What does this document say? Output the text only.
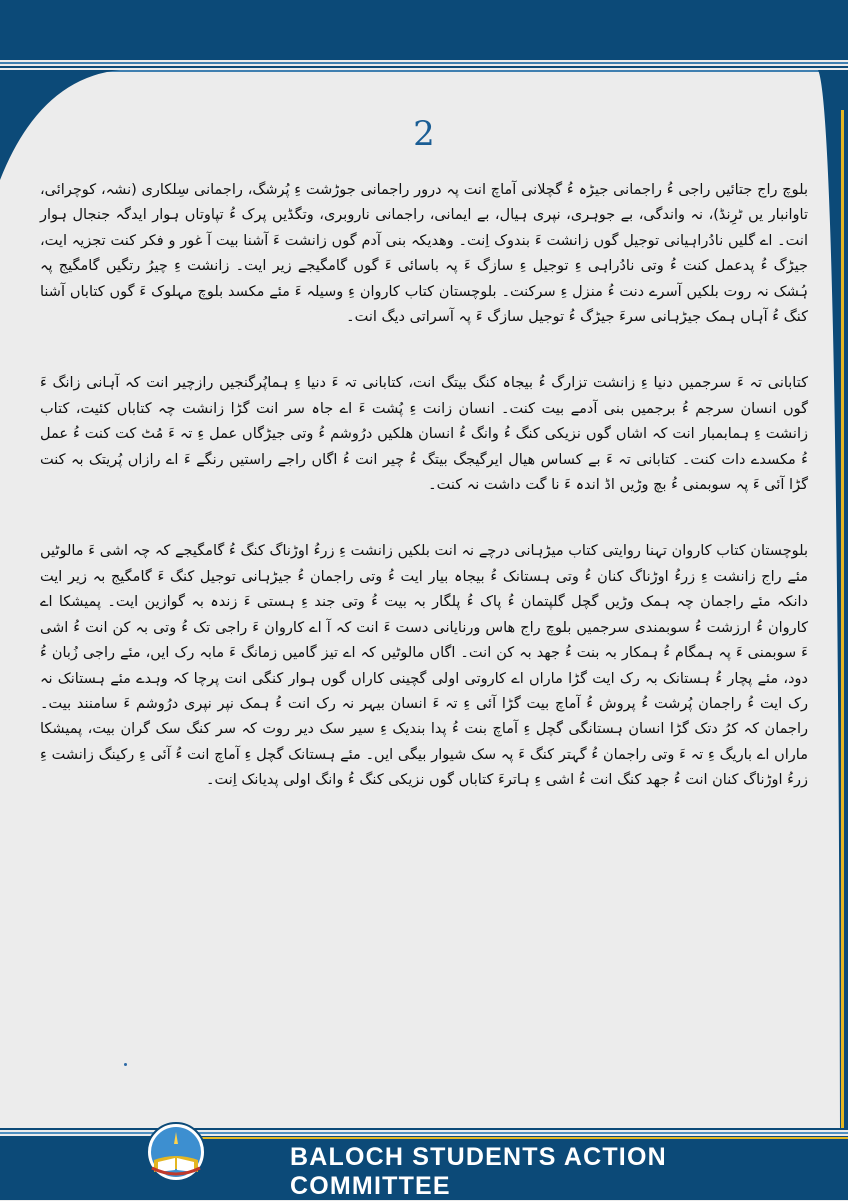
2

بلوچ راج جتائیں راجی ءُ راجمانی جیڑہ ءُ گچلانی آماچ انت پہ درور راجمانی جوڑشت ءِ پُرشگ، راجمانی سِلکاری (نشہ، کوچرائی، تاوانبار یں ٹرِنڈ)، نہ واندگی، بے جوہری، نپری ہیال، بے ایمانی، راجمانی ناروبری، وتگڈیں پرک ءُ تپاوتاں ہوار ایدگہ جنجال ہوار انت۔ اے گلیں نادُراہیانی توجیل گوں زانشت ءَ بندوک اِنت۔ وھدیکہ بنی آدم گوں زانشت ءَ آشنا بیت آ غور و فکر کنت تجزیہ ایت، جیڑگ ءُ پدعمل کنت ءُ وتی نادُراہی ءِ توجیل ءِ سازگ ءَ پہ باسائی ءَ گوں گامگیجے زیر ایت۔ زانشت ءِ چیرُ رتگیں گامگیج پہ ہُشک نہ روت بلکیں آسرے دنت ءُ منزل ءِ سرکنت۔ بلوچستان کتاب کاروان ءِ وسیلہ ءَ مئے مکسد بلوچ مہلوک ءَ گوں کتاباں آشنا کنگ ءُ آہاں ہمک جیڑہانی سرءَ جیڑگ ءُ توجیل سازگ ءَ پہ آسراتی دیگ انت۔

کتابانی تہ ءَ سرجمیں دنیا ءِ زانشت تزارگ ءُ بیجاہ کنگ بیتگ انت، کتابانی تہ ءَ دنیا ءِ ہماپُرگنجیں رازچیر انت کہ آہانی زانگ ءَ گوں انسان سرجم ءُ برجمیں بنی آدمے بیت کنت۔ انسان زانت ءِ پُشت ءَ اے جاہ سر انت گڑا زانشت چہ کتاباں کئیت، کتاب زانشت ءِ ہمابمبار انت کہ اشاں گوں نزیکی کنگ ءُ وانگ ءُ انسان ھلکیں درُوشم ءُ وتی جیڑگاں عمل ءِ تہ ءَ مُٹ کت کنت ءُ عمل ءُ مکسدے دات کنت۔ کتابانی تہ ءَ بے کساس ھیال ایرگیجگ بیتگ ءُ چیر انت ءُ اگاں راجے راستیں رنگے ءَ اے رازاں پُریتک بہ کنت گڑا آئی ءَ پہ سوبمنی ءُ بچ وڑیں اڈ اندہ ءَ نا گت داشت نہ کنت۔

بلوچستان کتاب کاروان تہنا روایتی کتاب میڑہانی درچے نہ انت بلکیں زانشت ءِ زرءُ اوڑناگ کنگ ءُ گامگیجے کہ چہ اشی ءَ مالوٹیں مئے راج زانشت ءِ زرءُ اوڑناگ کنان ءُ وتی ہستانک ءُ بیجاہ بیار ایت ءُ وتی راجمان ءُ جیڑہانی توجیل کنگ ءَ گامگیج بہ زیر ایت دانکہ مئے راجمان چہ ہمک وڑیں گچل گلپتمان ءُ پاک ءُ پلگار بہ بیت ءُ وتی جند ءِ ہستی ءَ زندہ بہ گوازین ایت۔ پمیشکا اے کاروان ءُ ارزشت ءُ سوبمندی سرجمیں بلوچ راج ھاس ورنایانی دست ءَ انت کہ آ اے کاروان ءَ راجی تک ءُ وتی بہ کن انت ءُ اشی ءَ سوبمنی ءَ پہ ہمگام ءُ ہمکار بہ بنت ءُ جھد بہ کن انت۔ اگاں مالوٹیں کہ اے تیز گامیں زمانگ ءَ مابہ رک ایں، مئے راجی زُبان ءُ دود، مئے پچار ءُ ہستانک بہ رک ایت گڑا ماراں اے کاروتی اولی گچینی کاراں گوں ہوار کنگی انت پرچا کہ وہدے مئے ہستانک نہ رک ایت ءُ راجمان پُرشت ءُ پروش ءُ آماچ بیت گڑا آئی ءِ تہ ءَ انسان بیہر نہ رک انت ءُ ہمک نپر نپری درُوشم ءَ سامنند بیت۔ راجمان کہ کرُ دتک گڑا انسان ہستانگی گچل ءِ آماچ بنت ءُ پدا بندیک ءِ سیر سک دیر روت کہ سر کنگ سک گران بیت، پمیشکا ماراں اے باریگ ءِ تہ ءَ وتی راجمان ءُ گہتر کنگ ءَ پہ سک شیوار بیگی ایں۔ مئے ہستانک گچل ءِ آماچ انت ءُ آئی ءِ رکینگ زانشت ءِ زرءُ اوڑناگ کنان انت ءُ جھد کنگ انت ءُ اشی ءِ ہاترءَ کتاباں گوں نزیکی کنگ ءُ وانگ اولی پدیانک اِنت۔

BALOCH STUDENTS ACTION COMMITTEE
